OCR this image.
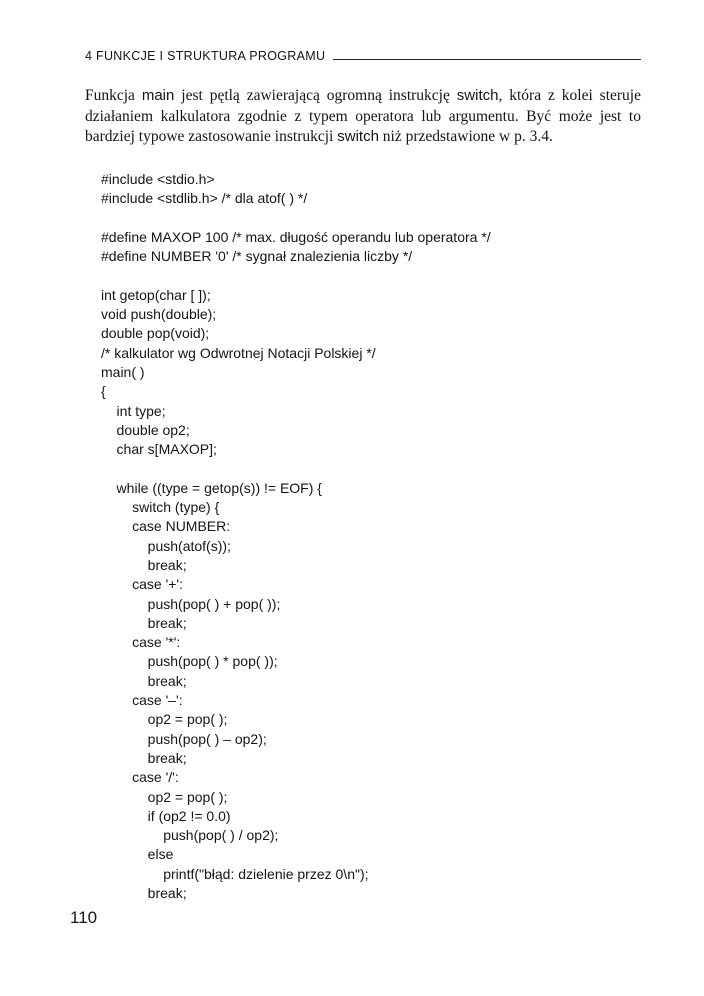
4 FUNKCJE I STRUKTURA PROGRAMU
Funkcja main jest pętlą zawierającą ogromną instrukcję switch, która z kolei steruje działaniem kalkulatora zgodnie z typem operatora lub argumentu. Być może jest to bardziej typowe zastosowanie instrukcji switch niż przedstawione w p. 3.4.
#include <stdio.h>
#include <stdlib.h> /* dla atof( ) */
#define MAXOP 100 /* max. długość operandu lub operatora */
#define NUMBER '0' /* sygnał znalezienia liczby */
int getop(char [ ]);
void push(double);
double pop(void);
/* kalkulator wg Odwrotnej Notacji Polskiej */
main( )
{
int type;
double op2;
char s[MAXOP];
while ((type = getop(s)) != EOF) {
switch (type) {
case NUMBER:
push(atof(s));
break;
case '+':
push(pop( ) + pop( ));
break;
case '*':
push(pop( ) * pop( ));
break;
case '–':
op2 = pop( );
push(pop( ) – op2);
break;
case '/':
op2 = pop( );
if (op2 != 0.0)
push(pop( ) / op2);
else
printf("błąd: dzielenie przez 0\n");
break;
110
